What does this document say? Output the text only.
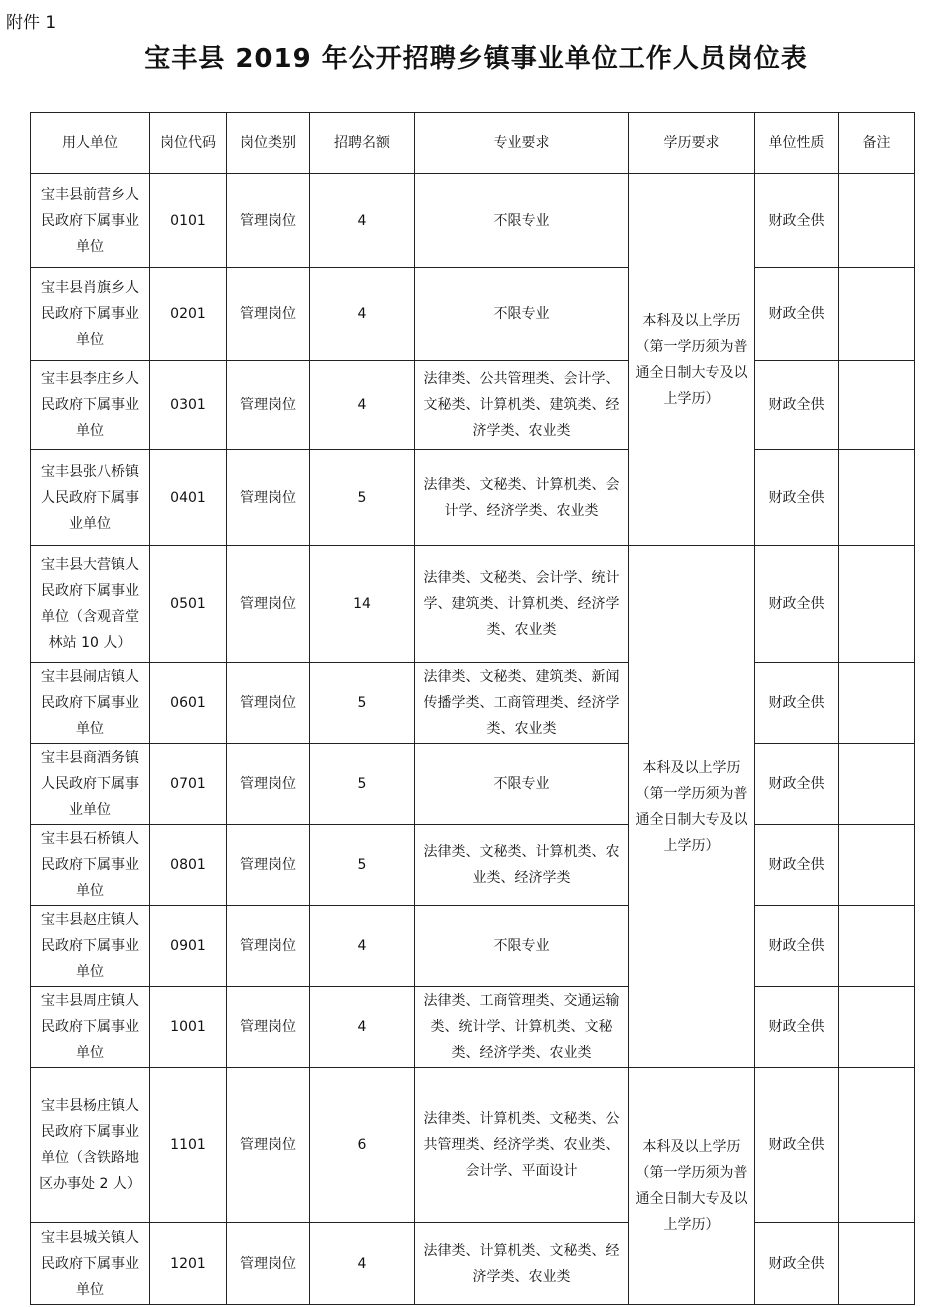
附件 1
宝丰县 2019 年公开招聘乡镇事业单位工作人员岗位表
用人单位	岗位代码	岗位类别	招聘名额	专业要求	学历要求	单位性质	备注
宝丰县前营乡人民政府下属事业单位	0101	管理岗位	4	不限专业	本科及以上学历（第一学历须为普通全日制大专及以上学历）	财政全供	
宝丰县肖旗乡人民政府下属事业单位	0201	管理岗位	4	不限专业		财政全供	
宝丰县李庄乡人民政府下属事业单位	0301	管理岗位	4	法律类、公共管理类、会计学、文秘类、计算机类、建筑类、经济学类、农业类		财政全供	
宝丰县张八桥镇人民政府下属事业单位	0401	管理岗位	5	法律类、文秘类、计算机类、会计学、经济学类、农业类		财政全供	
宝丰县大营镇人民政府下属事业单位（含观音堂林站 10 人）	0501	管理岗位	14	法律类、文秘类、会计学、统计学、建筑类、计算机类、经济学类、农业类	本科及以上学历（第一学历须为普通全日制大专及以上学历）	财政全供	
宝丰县闹店镇人民政府下属事业单位	0601	管理岗位	5	法律类、文秘类、建筑类、新闻传播学类、工商管理类、经济学类、农业类		财政全供	
宝丰县商酒务镇人民政府下属事业单位	0701	管理岗位	5	不限专业		财政全供	
宝丰县石桥镇人民政府下属事业单位	0801	管理岗位	5	法律类、文秘类、计算机类、农业类、经济学类		财政全供	
宝丰县赵庄镇人民政府下属事业单位	0901	管理岗位	4	不限专业		财政全供	
宝丰县周庄镇人民政府下属事业单位	1001	管理岗位	4	法律类、工商管理类、交通运输类、统计学、计算机类、文秘类、经济学类、农业类		财政全供	
宝丰县杨庄镇人民政府下属事业单位（含铁路地区办事处 2 人）	1101	管理岗位	6	法律类、计算机类、文秘类、公共管理类、经济学类、农业类、会计学、平面设计	本科及以上学历（第一学历须为普通全日制大专及以上学历）	财政全供	
宝丰县城关镇人民政府下属事业单位	1201	管理岗位	4	法律类、计算机类、文秘类、经济学类、农业类		财政全供	
